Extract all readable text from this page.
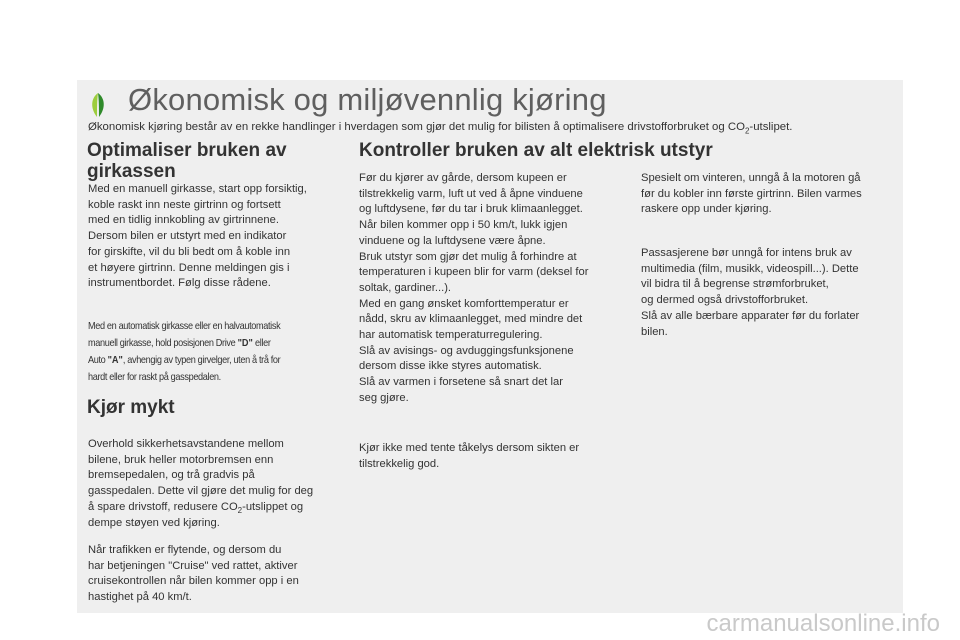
Økonomisk og miljøvennlig kjøring
Økonomisk kjøring består av en rekke handlinger i hverdagen som gjør det mulig for bilisten å optimalisere drivstofforbruket og $CO_2$-utslipet.
Optimaliser bruken av
girkassen

Med en manuell girkasse, start opp forsiktig,
koble raskt inn neste girtrinn og fortsett
med en tidlig innkobling av girtrinnene.
Dersom bilen er utstyrt med en indikator
for girskifte, vil du bli bedt om å koble inn
et høyere girtrinn. Denne meldingen gis i
instrumentbordet. Følg disse rådene.

Med en automatisk girkasse eller en halvautomatisk
manuell girkasse, hold posisjonen Drive "D" eller
Auto "A", avhengig av typen girvelger, uten å trå for
hardt eller for raskt på gasspedalen.

Kjør mykt

Overhold sikkerhetsavstandene mellom
bilene, bruk heller motorbremsen enn
bremsepedalen, og trå gradvis på
gasspedalen. Dette vil gjøre det mulig for deg
å spare drivstoff, redusere $CO_2$-utslippet og
dempe støyen ved kjøring.

Når trafikken er flytende, og dersom du
har betjeningen "Cruise" ved rattet, aktiver
cruisekontrollen når bilen kommer opp i en
hastighet på 40 km/t.

Kontroller bruken av alt elektrisk utstyr

Før du kjører av gårde, dersom kupeen er
tilstrekkelig varm, luft ut ved å åpne vinduene
og luftdysene, før du tar i bruk klimaanlegget.
Når bilen kommer opp i 50 km/t, lukk igjen
vinduene og la luftdysene være åpne.
Bruk utstyr som gjør det mulig å forhindre at
temperaturen i kupeen blir for varm (deksel for
soltak, gardiner...).
Med en gang ønsket komforttemperatur er
nådd, skru av klimaanlegget, med mindre det
har automatisk temperaturregulering.
Slå av avisings- og avduggingsfunksjonene
dersom disse ikke styres automatisk.
Slå av varmen i forsetene så snart det lar
seg gjøre.

Kjør ikke med tente tåkelys dersom sikten er
tilstrekkelig god.

Spesielt om vinteren, unngå å la motoren gå
før du kobler inn første girtrinn. Bilen varmes
raskere opp under kjøring.

Passasjerene bør unngå for intens bruk av
multimedia (film, musikk, videospill...). Dette
vil bidra til å begrense strømforbruket,
og dermed også drivstofforbruket.
Slå av alle bærbare apparater før du forlater
bilen.

carmanualsonline.info
